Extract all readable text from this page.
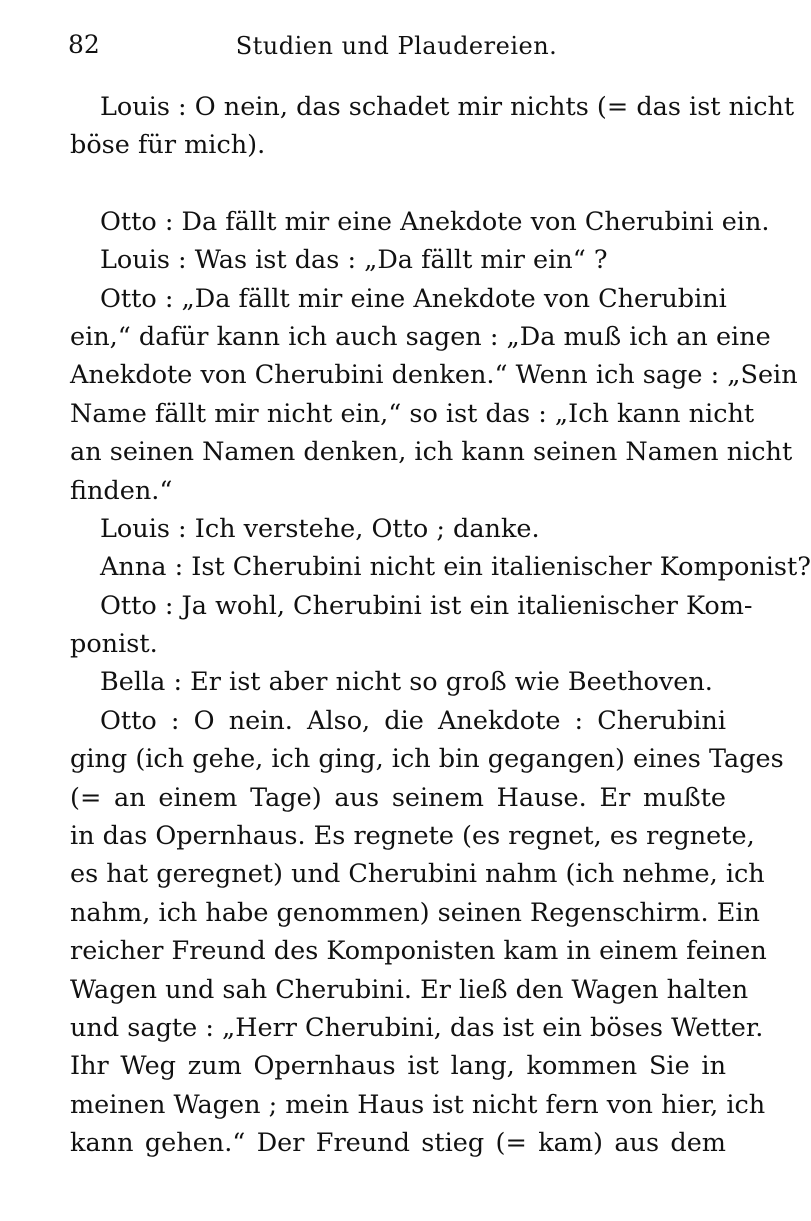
82	Studien und Plaudereien.
Louis : O nein, das schadet mir nichts (= das ist nicht
böse für mich).
Otto : Da fällt mir eine Anekdote von Cherubini ein.
Louis : Was ist das : „Da fällt mir ein“ ?
Otto : „Da fällt mir eine Anekdote von Cherubini
ein,“ dafür kann ich auch sagen : „Da muß ich an eine
Anekdote von Cherubini denken.“ Wenn ich sage : „Sein
Name fällt mir nicht ein,“ so ist das : „Ich kann nicht
an seinen Namen denken, ich kann seinen Namen nicht
finden.“
Louis : Ich verstehe, Otto ; danke.
Anna : Ist Cherubini nicht ein italienischer Komponist?
Otto : Ja wohl, Cherubini ist ein italienischer Kom-
ponist.
Bella : Er ist aber nicht so groß wie Beethoven.
Otto : O nein. Also, die Anekdote : Cherubini
ging (ich gehe, ich ging, ich bin gegangen) eines Tages
(= an einem Tage) aus seinem Hause. Er mußte
in das Opernhaus. Es regnete (es regnet, es regnete,
es hat geregnet) und Cherubini nahm (ich nehme, ich
nahm, ich habe genommen) seinen Regenschirm. Ein
reicher Freund des Komponisten kam in einem feinen
Wagen und sah Cherubini. Er ließ den Wagen halten
und sagte : „Herr Cherubini, das ist ein böses Wetter.
Ihr Weg zum Opernhaus ist lang, kommen Sie in
meinen Wagen ; mein Haus ist nicht fern von hier, ich
kann gehen.“ Der Freund stieg (= kam) aus dem
